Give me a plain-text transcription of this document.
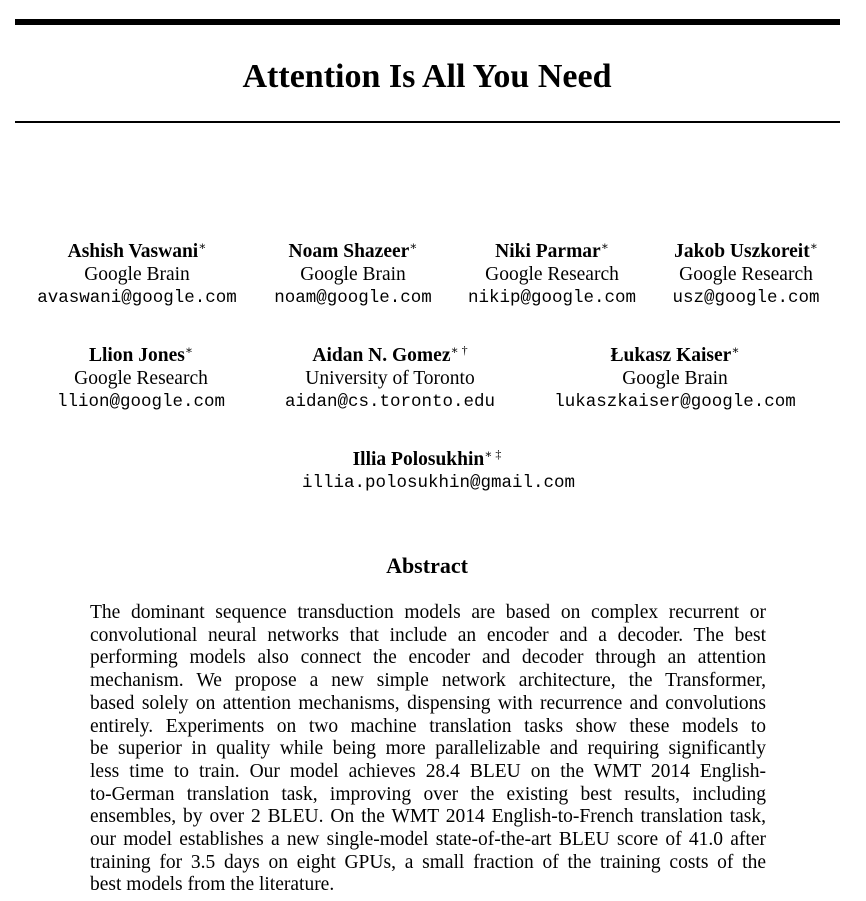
Attention Is All You Need
Ashish Vaswani∗
Google Brain
avaswani@google.com
Noam Shazeer∗
Google Brain
noam@google.com
Niki Parmar∗
Google Research
nikip@google.com
Jakob Uszkoreit∗
Google Research
usz@google.com
Llion Jones∗
Google Research
llion@google.com
Aidan N. Gomez∗ †
University of Toronto
aidan@cs.toronto.edu
Łukasz Kaiser∗
Google Brain
lukaszkaiser@google.com
Illia Polosukhin∗ ‡
illia.polosukhin@gmail.com
Abstract
The dominant sequence transduction models are based on complex recurrent or
convolutional neural networks that include an encoder and a decoder. The best
performing models also connect the encoder and decoder through an attention
mechanism. We propose a new simple network architecture, the Transformer,
based solely on attention mechanisms, dispensing with recurrence and convolutions
entirely. Experiments on two machine translation tasks show these models to
be superior in quality while being more parallelizable and requiring significantly
less time to train. Our model achieves 28.4 BLEU on the WMT 2014 English-
to-German translation task, improving over the existing best results, including
ensembles, by over 2 BLEU. On the WMT 2014 English-to-French translation task,
our model establishes a new single-model state-of-the-art BLEU score of 41.0 after
training for 3.5 days on eight GPUs, a small fraction of the training costs of the
best models from the literature.
